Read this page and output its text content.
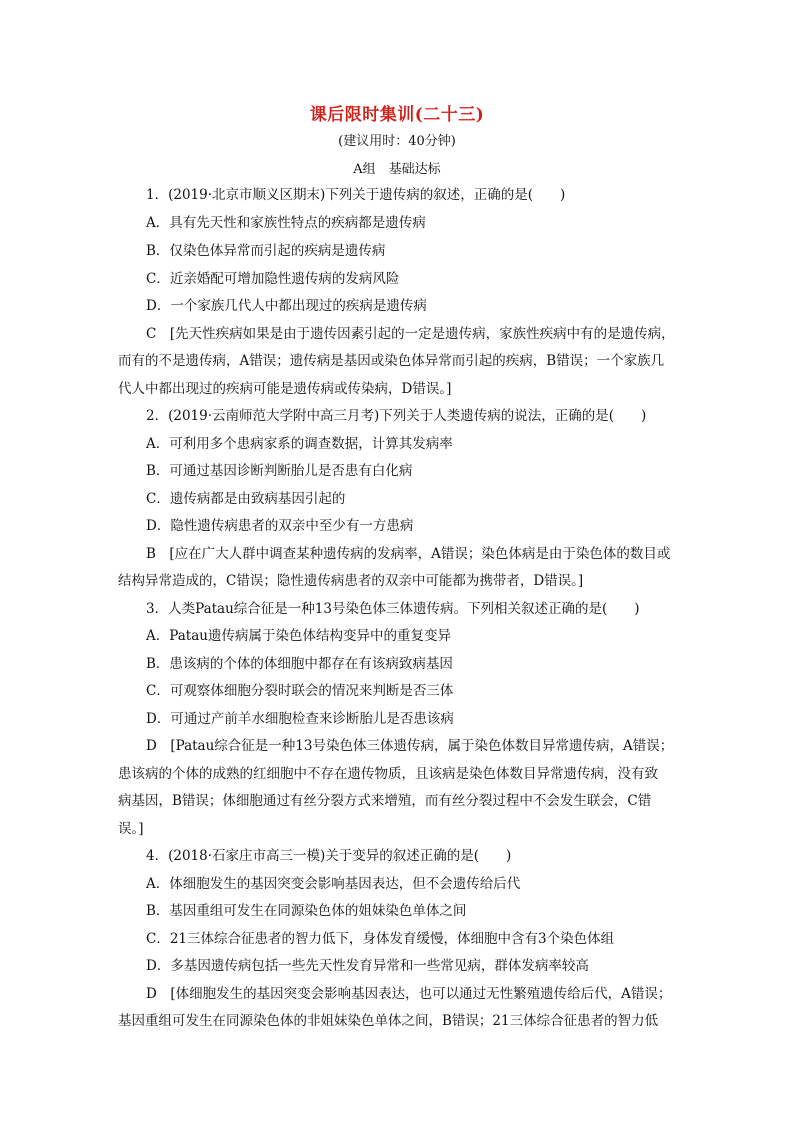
课后限时集训(二十三)
(建议用时：40分钟)
A组　基础达标
1．(2019·北京市顺义区期末)下列关于遗传病的叙述，正确的是(　　)
A．具有先天性和家族性特点的疾病都是遗传病
B．仅染色体异常而引起的疾病是遗传病
C．近亲婚配可增加隐性遗传病的发病风险
D．一个家族几代人中都出现过的疾病是遗传病
C　[先天性疾病如果是由于遗传因素引起的一定是遗传病，家族性疾病中有的是遗传病，
而有的不是遗传病，A错误；遗传病是基因或染色体异常而引起的疾病，B错误；一个家族几
代人中都出现过的疾病可能是遗传病或传染病，D错误。]
2．(2019·云南师范大学附中高三月考)下列关于人类遗传病的说法，正确的是(　　)
A．可利用多个患病家系的调查数据，计算其发病率
B．可通过基因诊断判断胎儿是否患有白化病
C．遗传病都是由致病基因引起的
D．隐性遗传病患者的双亲中至少有一方患病
B　[应在广大人群中调查某种遗传病的发病率，A错误；染色体病是由于染色体的数目或
结构异常造成的，C错误；隐性遗传病患者的双亲中可能都为携带者，D错误。]
3．人类Patau综合征是一种13号染色体三体遗传病。下列相关叙述正确的是(　　)
A．Patau遗传病属于染色体结构变异中的重复变异
B．患该病的个体的体细胞中都存在有该病致病基因
C．可观察体细胞分裂时联会的情况来判断是否三体
D．可通过产前羊水细胞检查来诊断胎儿是否患该病
D　[Patau综合征是一种13号染色体三体遗传病，属于染色体数目异常遗传病，A错误；
患该病的个体的成熟的红细胞中不存在遗传物质，且该病是染色体数目异常遗传病，没有致
病基因，B错误；体细胞通过有丝分裂方式来增殖，而有丝分裂过程中不会发生联会，C错
误。]
4．(2018·石家庄市高三一模)关于变异的叙述正确的是(　　)
A．体细胞发生的基因突变会影响基因表达，但不会遗传给后代
B．基因重组可发生在同源染色体的姐妹染色单体之间
C．21三体综合征患者的智力低下，身体发育缓慢，体细胞中含有3个染色体组
D．多基因遗传病包括一些先天性发育异常和一些常见病，群体发病率较高
D　[体细胞发生的基因突变会影响基因表达，也可以通过无性繁殖遗传给后代，A错误；
基因重组可发生在同源染色体的非姐妹染色单体之间，B错误；21三体综合征患者的智力低
